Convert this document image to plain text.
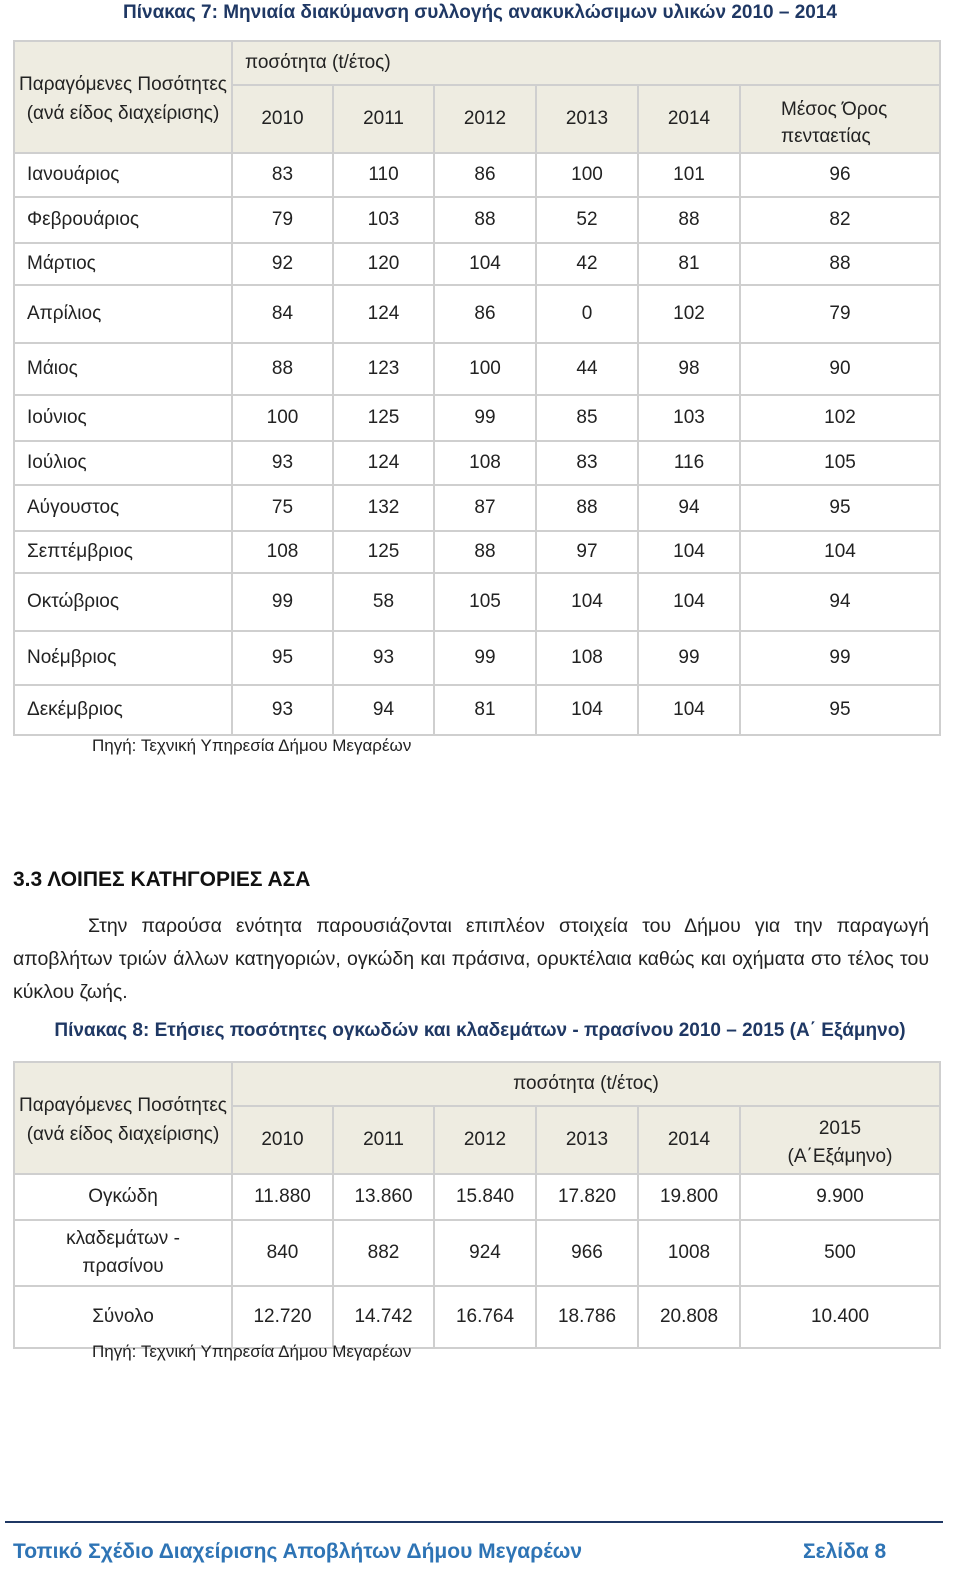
Πίνακας 7: Μηνιαία διακύμανση συλλογής ανακυκλώσιμων υλικών 2010 – 2014
Παραγόμενες Ποσότητες (ανά είδος διαχείρισης)	ποσότητα (t/έτος)					
	2010	2011	2012	2013	2014	Μέσος Όρος πενταετίας
Ιανουάριος	83	110	86	100	101	96
Φεβρουάριος	79	103	88	52	88	82
Μάρτιος	92	120	104	42	81	88
Απρίλιος	84	124	86	0	102	79
Μάιος	88	123	100	44	98	90
Ιούνιος	100	125	99	85	103	102
Ιούλιος	93	124	108	83	116	105
Αύγουστος	75	132	87	88	94	95
Σεπτέμβριος	108	125	88	97	104	104
Οκτώβριος	99	58	105	104	104	94
Νοέμβριος	95	93	99	108	99	99
Δεκέμβριος	93	94	81	104	104	95
Πηγή: Τεχνική Υπηρεσία Δήμου Μεγαρέων
3.3 ΛΟΙΠΕΣ ΚΑΤΗΓΟΡΙΕΣ ΑΣΑ
Στην παρούσα ενότητα παρουσιάζονται επιπλέον στοιχεία του Δήμου για την παραγωγή αποβλήτων τριών άλλων κατηγοριών, ογκώδη και πράσινα, ορυκτέλαια καθώς και οχήματα στο τέλος του κύκλου ζωής.
Πίνακας 8: Ετήσιες ποσότητες ογκωδών και κλαδεμάτων - πρασίνου 2010 – 2015 (Α΄ Εξάμηνο)
Παραγόμενες Ποσότητες (ανά είδος διαχείρισης)	ποσότητα (t/έτος)					
	2010	2011	2012	2013	2014	2015 (Α΄Εξάμηνο)
Ογκώδη	11.880	13.860	15.840	17.820	19.800	9.900
κλαδεμάτων - πρασίνου	840	882	924	966	1008	500
Σύνολο	12.720	14.742	16.764	18.786	20.808	10.400
Πηγή: Τεχνική Υπηρεσία Δήμου Μεγαρέων
Τοπικό Σχέδιο Διαχείρισης Αποβλήτων Δήμου Μεγαρέων	Σελίδα 8
